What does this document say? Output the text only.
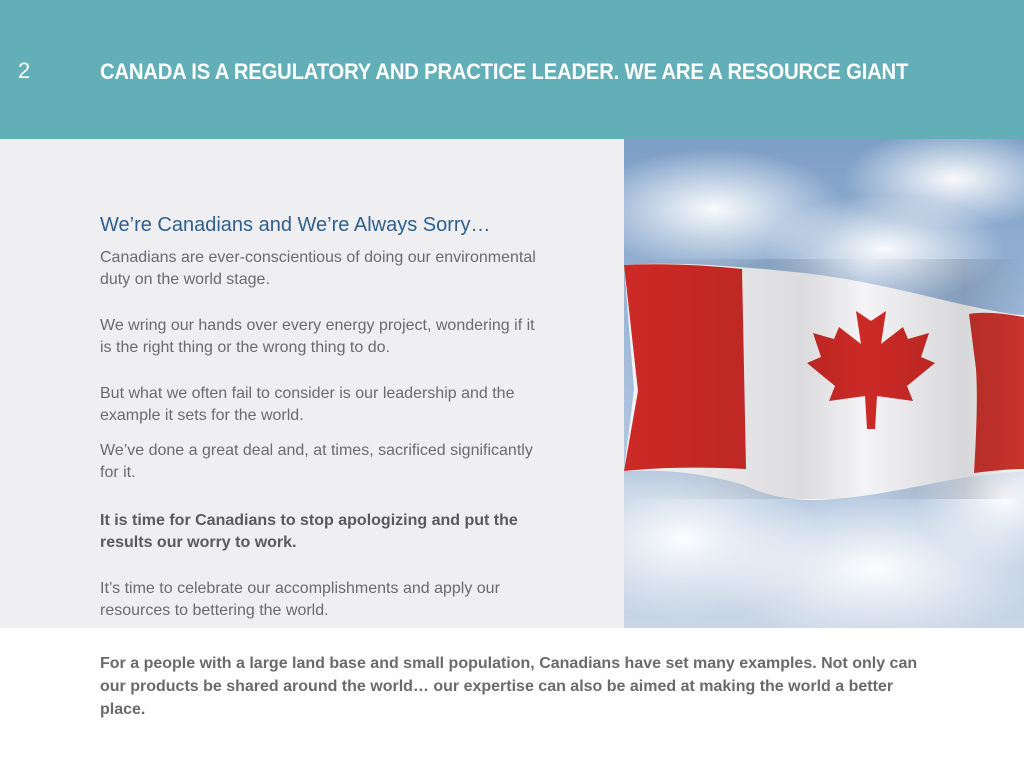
2	CANADA IS A REGULATORY AND PRACTICE LEADER. WE ARE A RESOURCE GIANT
We’re Canadians and We’re Always Sorry…

Canadians are ever-conscientious of doing our environmental duty on the world stage.

We wring our hands over every energy project, wondering if it is the right thing or the wrong thing to do.

But what we often fail to consider is our leadership and the example it sets for the world.

We’ve done a great deal and, at times, sacrificed significantly for it.

It is time for Canadians to stop apologizing and put the results our worry to work.

It’s time to celebrate our accomplishments and apply our resources to bettering the world.

For a people with a large land base and small population, Canadians have set many examples. Not only can our products be shared around the world… our expertise can also be aimed at making the world a better place.
